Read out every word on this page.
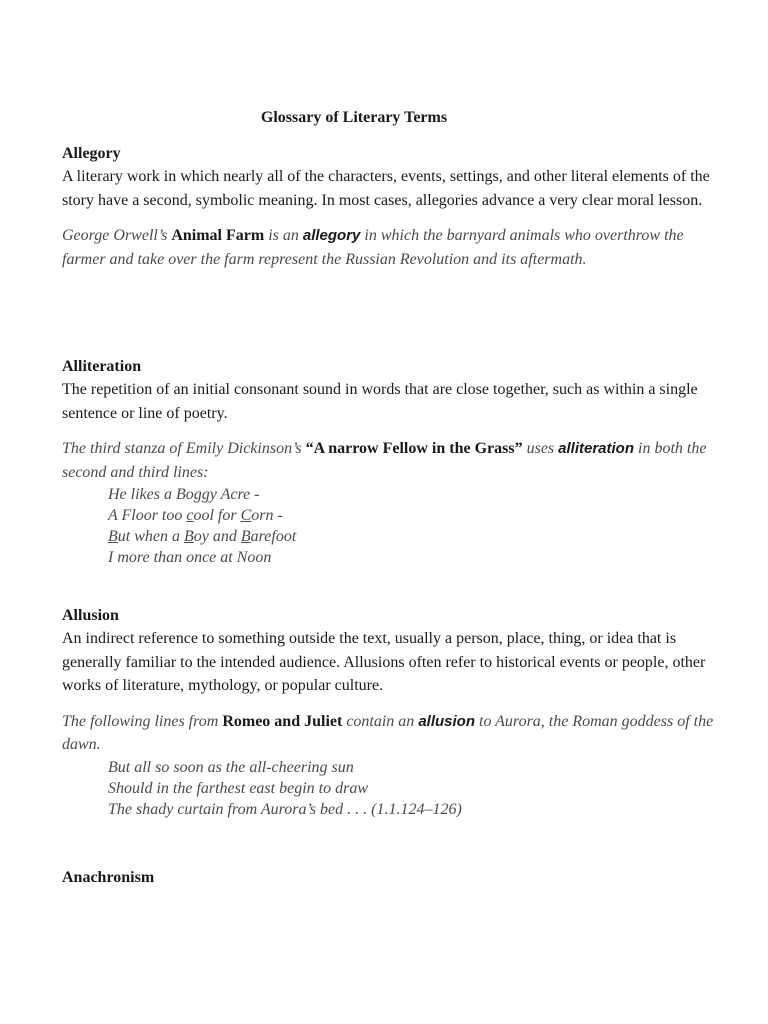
Glossary of Literary Terms
Allegory
A literary work in which nearly all of the characters, events, settings, and other literal elements of the story have a second, symbolic meaning. In most cases, allegories advance a very clear moral lesson.
George Orwell’s Animal Farm is an allegory in which the barnyard animals who overthrow the farmer and take over the farm represent the Russian Revolution and its aftermath.
Alliteration
The repetition of an initial consonant sound in words that are close together, such as within a single sentence or line of poetry.
The third stanza of Emily Dickinson’s “A narrow Fellow in the Grass” uses alliteration in both the second and third lines:
He likes a Boggy Acre -
A Floor too cool for Corn -
But when a Boy and Barefoot
I more than once at Noon
Allusion
An indirect reference to something outside the text, usually a person, place, thing, or idea that is generally familiar to the intended audience. Allusions often refer to historical events or people, other works of literature, mythology, or popular culture.
The following lines from Romeo and Juliet contain an allusion to Aurora, the Roman goddess of the dawn.
But all so soon as the all-cheering sun
Should in the farthest east begin to draw
The shady curtain from Aurora’s bed . . . (1.1.124–126)
Anachronism
